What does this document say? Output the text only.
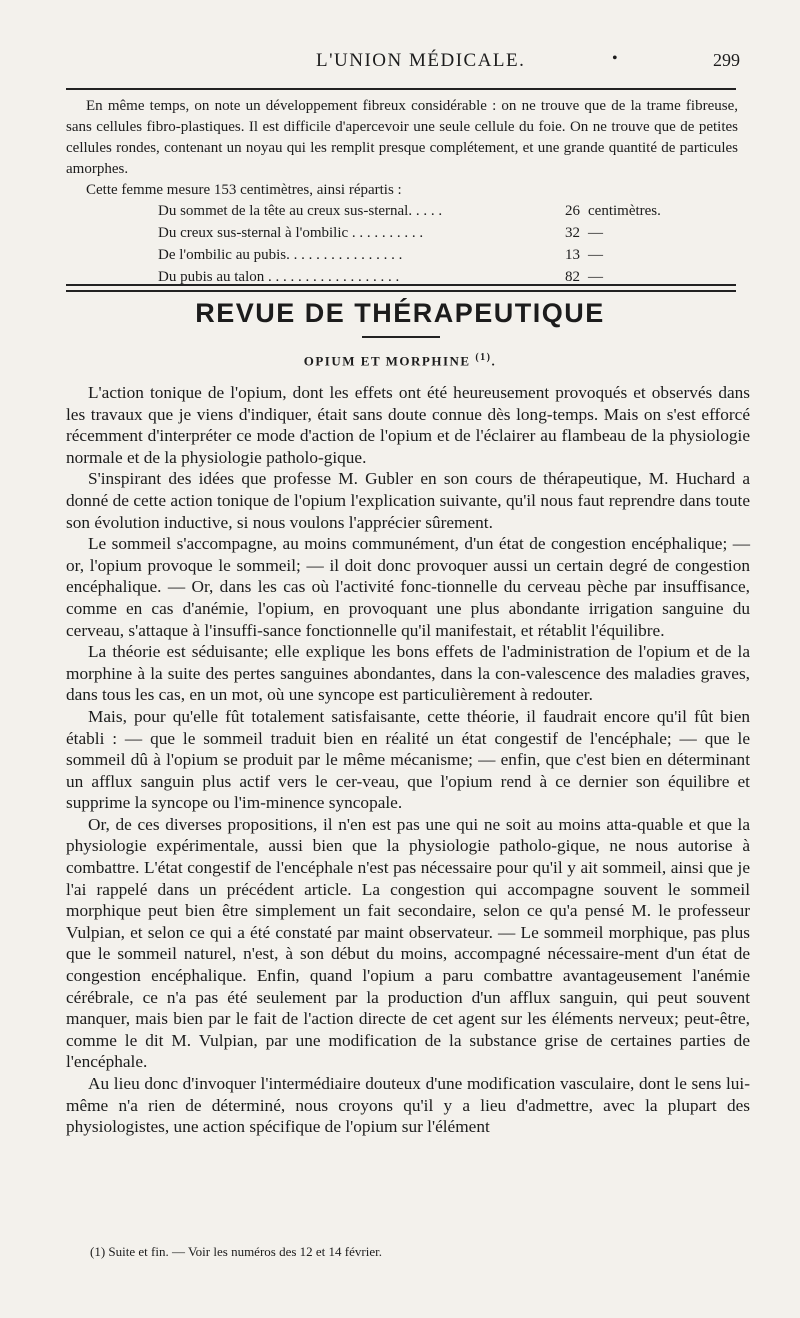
L'UNION MÉDICALE.	•	299

En même temps, on note un développement fibreux considérable : on ne trouve que de la trame fibreuse, sans cellules fibro-plastiques. Il est difficile d'apercevoir une seule cellule du foie. On ne trouve que de petites cellules rondes, contenant un noyau qui les remplit presque complétement, et une grande quantité de particules amorphes.

Cette femme mesure 153 centimètres, ainsi répartis :

Du sommet de la tête au creux sus-sternal. . . . .	26	centimètres.
Du creux sus-sternal à l'ombilic . . . . . . . . . .	32	—
De l'ombilic au pubis. . . . . . . . . . . . . . . .	13	—
Du pubis au talon . . . . . . . . . . . . . . . . . .	82	—
REVUE DE THÉRAPEUTIQUE
OPIUM ET MORPHINE $^{(1)}$.

L'action tonique de l'opium, dont les effets ont été heureusement provoqués et observés dans les travaux que je viens d'indiquer, était sans doute connue dès long-temps. Mais on s'est efforcé récemment d'interpréter ce mode d'action de l'opium et de l'éclairer au flambeau de la physiologie normale et de la physiologie patholo-gique.

S'inspirant des idées que professe M. Gubler en son cours de thérapeutique, M. Huchard a donné de cette action tonique de l'opium l'explication suivante, qu'il nous faut reprendre dans toute son évolution inductive, si nous voulons l'apprécier sûrement.

Le sommeil s'accompagne, au moins communément, d'un état de congestion encéphalique; — or, l'opium provoque le sommeil; — il doit donc provoquer aussi un certain degré de congestion encéphalique. — Or, dans les cas où l'activité fonc-tionnelle du cerveau pèche par insuffisance, comme en cas d'anémie, l'opium, en provoquant une plus abondante irrigation sanguine du cerveau, s'attaque à l'insuffi-sance fonctionnelle qu'il manifestait, et rétablit l'équilibre.

La théorie est séduisante; elle explique les bons effets de l'administration de l'opium et de la morphine à la suite des pertes sanguines abondantes, dans la con-valescence des maladies graves, dans tous les cas, en un mot, où une syncope est particulièrement à redouter.

Mais, pour qu'elle fût totalement satisfaisante, cette théorie, il faudrait encore qu'il fût bien établi : — que le sommeil traduit bien en réalité un état congestif de l'encéphale; — que le sommeil dû à l'opium se produit par le même mécanisme; — enfin, que c'est bien en déterminant un afflux sanguin plus actif vers le cer-veau, que l'opium rend à ce dernier son équilibre et supprime la syncope ou l'im-minence syncopale.

Or, de ces diverses propositions, il n'en est pas une qui ne soit au moins atta-quable et que la physiologie expérimentale, aussi bien que la physiologie patholo-gique, ne nous autorise à combattre. L'état congestif de l'encéphale n'est pas nécessaire pour qu'il y ait sommeil, ainsi que je l'ai rappelé dans un précédent article. La congestion qui accompagne souvent le sommeil morphique peut bien être simplement un fait secondaire, selon ce qu'a pensé M. le professeur Vulpian, et selon ce qui a été constaté par maint observateur. — Le sommeil morphique, pas plus que le sommeil naturel, n'est, à son début du moins, accompagné nécessaire-ment d'un état de congestion encéphalique. Enfin, quand l'opium a paru combattre avantageusement l'anémie cérébrale, ce n'a pas été seulement par la production d'un afflux sanguin, qui peut souvent manquer, mais bien par le fait de l'action directe de cet agent sur les éléments nerveux; peut-être, comme le dit M. Vulpian, par une modification de la substance grise de certaines parties de l'encéphale.

Au lieu donc d'invoquer l'intermédiaire douteux d'une modification vasculaire, dont le sens lui-même n'a rien de déterminé, nous croyons qu'il y a lieu d'admettre, avec la plupart des physiologistes, une action spécifique de l'opium sur l'élément

(1) Suite et fin. — Voir les numéros des 12 et 14 février.
